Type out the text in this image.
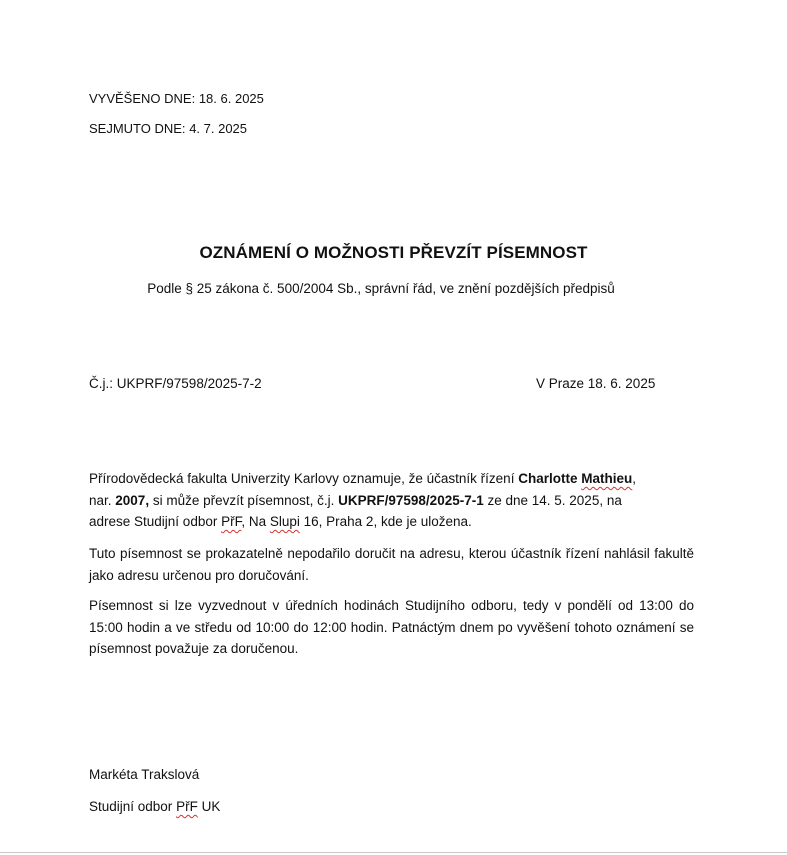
VYVĚŠENO DNE: 18. 6. 2025
SEJMUTO DNE: 4. 7. 2025
OZNÁMENÍ O MOŽNOSTI PŘEVZÍT PÍSEMNOST
Podle § 25 zákona č. 500/2004 Sb., správní řád, ve znění pozdějších předpisů
Č.j.: UKPRF/97598/2025-7-2	V Praze 18. 6. 2025
Přírodovědecká fakulta Univerzity Karlovy oznamuje, že účastník řízení Charlotte Mathieu,
nar. 2007, si může převzít písemnost, č.j. UKPRF/97598/2025-7-1 ze dne 14. 5. 2025, na
adrese Studijní odbor PřF, Na Slupi 16, Praha 2, kde je uložena.
Tuto písemnost se prokazatelně nepodařilo doručit na adresu, kterou účastník řízení nahlásil fakultě jako adresu určenou pro doručování.
Písemnost si lze vyzvednout v úředních hodinách Studijního odboru, tedy v pondělí od 13:00 do 15:00 hodin a ve středu od 10:00 do 12:00 hodin. Patnáctým dnem po vyvěšení tohoto oznámení se písemnost považuje za doručenou.
Markéta Trakslová
Studijní odbor PřF UK
